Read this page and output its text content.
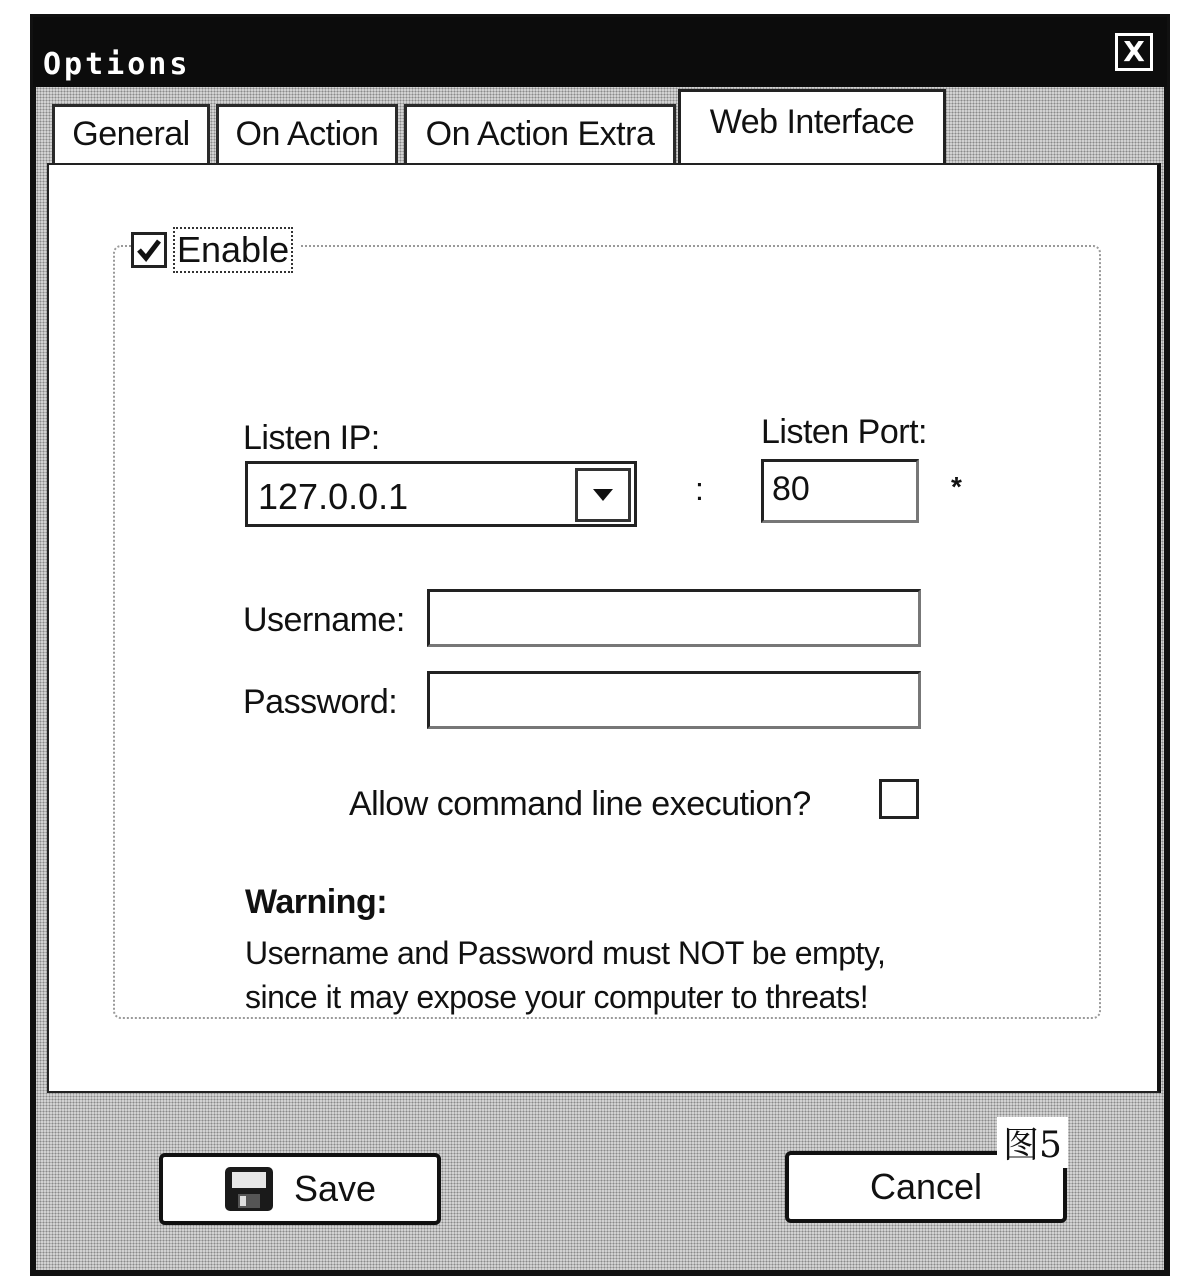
Options	X
General	On Action	On Action Extra	Web Interface
Enable
Listen IP:
127.0.0.1	:
Listen Port:
80	*
Username:
Password:
Allow command line execution?
Warning:
Username and Password must NOT be empty,
since it may expose your computer to threats!
图5
Save	Cancel
